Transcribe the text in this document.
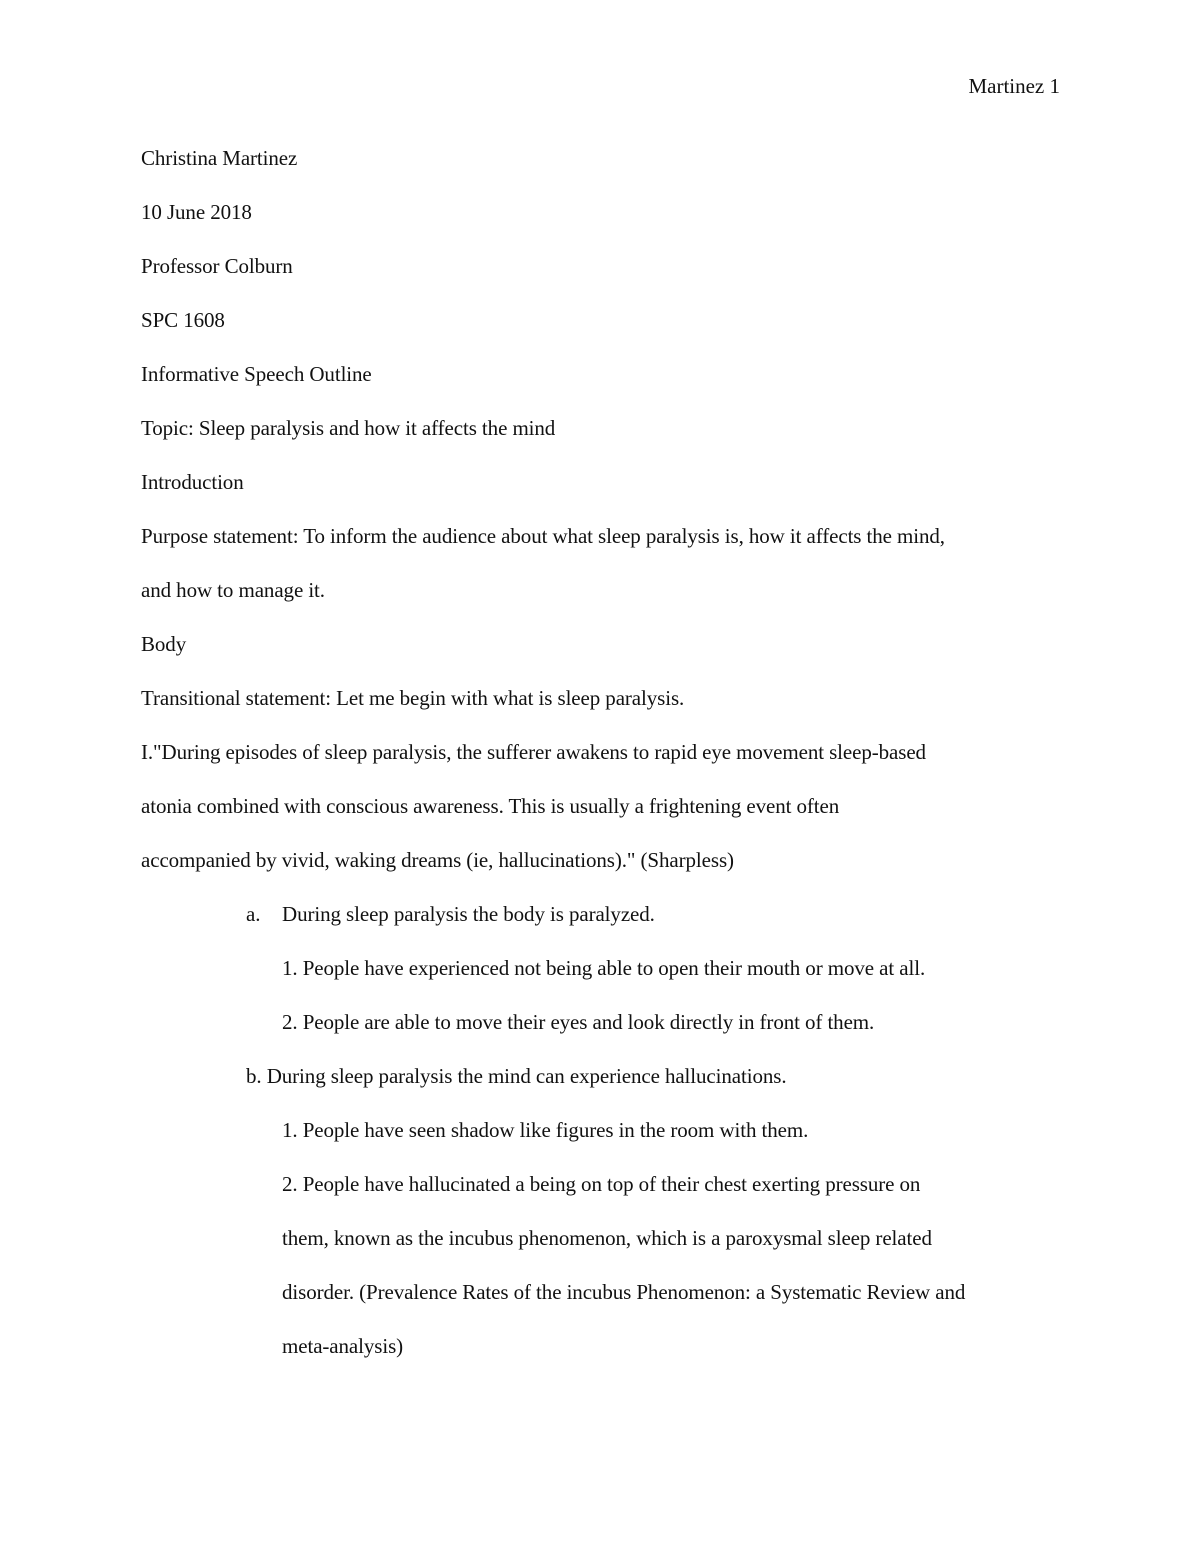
Martinez 1
Christina Martinez
10 June 2018
Professor Colburn
SPC 1608
Informative Speech Outline
Topic: Sleep paralysis and how it affects the mind
Introduction
Purpose statement: To inform the audience about what sleep paralysis is, how it affects the mind,
and how to manage it.
Body
Transitional statement: Let me begin with what is sleep paralysis.
I."During episodes of sleep paralysis, the sufferer awakens to rapid eye movement sleep-based
atonia combined with conscious awareness. This is usually a frightening event often
accompanied by vivid, waking dreams (ie, hallucinations)." (Sharpless)
a. During sleep paralysis the body is paralyzed.
1. People have experienced not being able to open their mouth or move at all.
2. People are able to move their eyes and look directly in front of them.
b. During sleep paralysis the mind can experience hallucinations.
1. People have seen shadow like figures in the room with them.
2. People have hallucinated a being on top of their chest exerting pressure on
them, known as the incubus phenomenon, which is a paroxysmal sleep related
disorder. (Prevalence Rates of the incubus Phenomenon: a Systematic Review and
meta-analysis)
